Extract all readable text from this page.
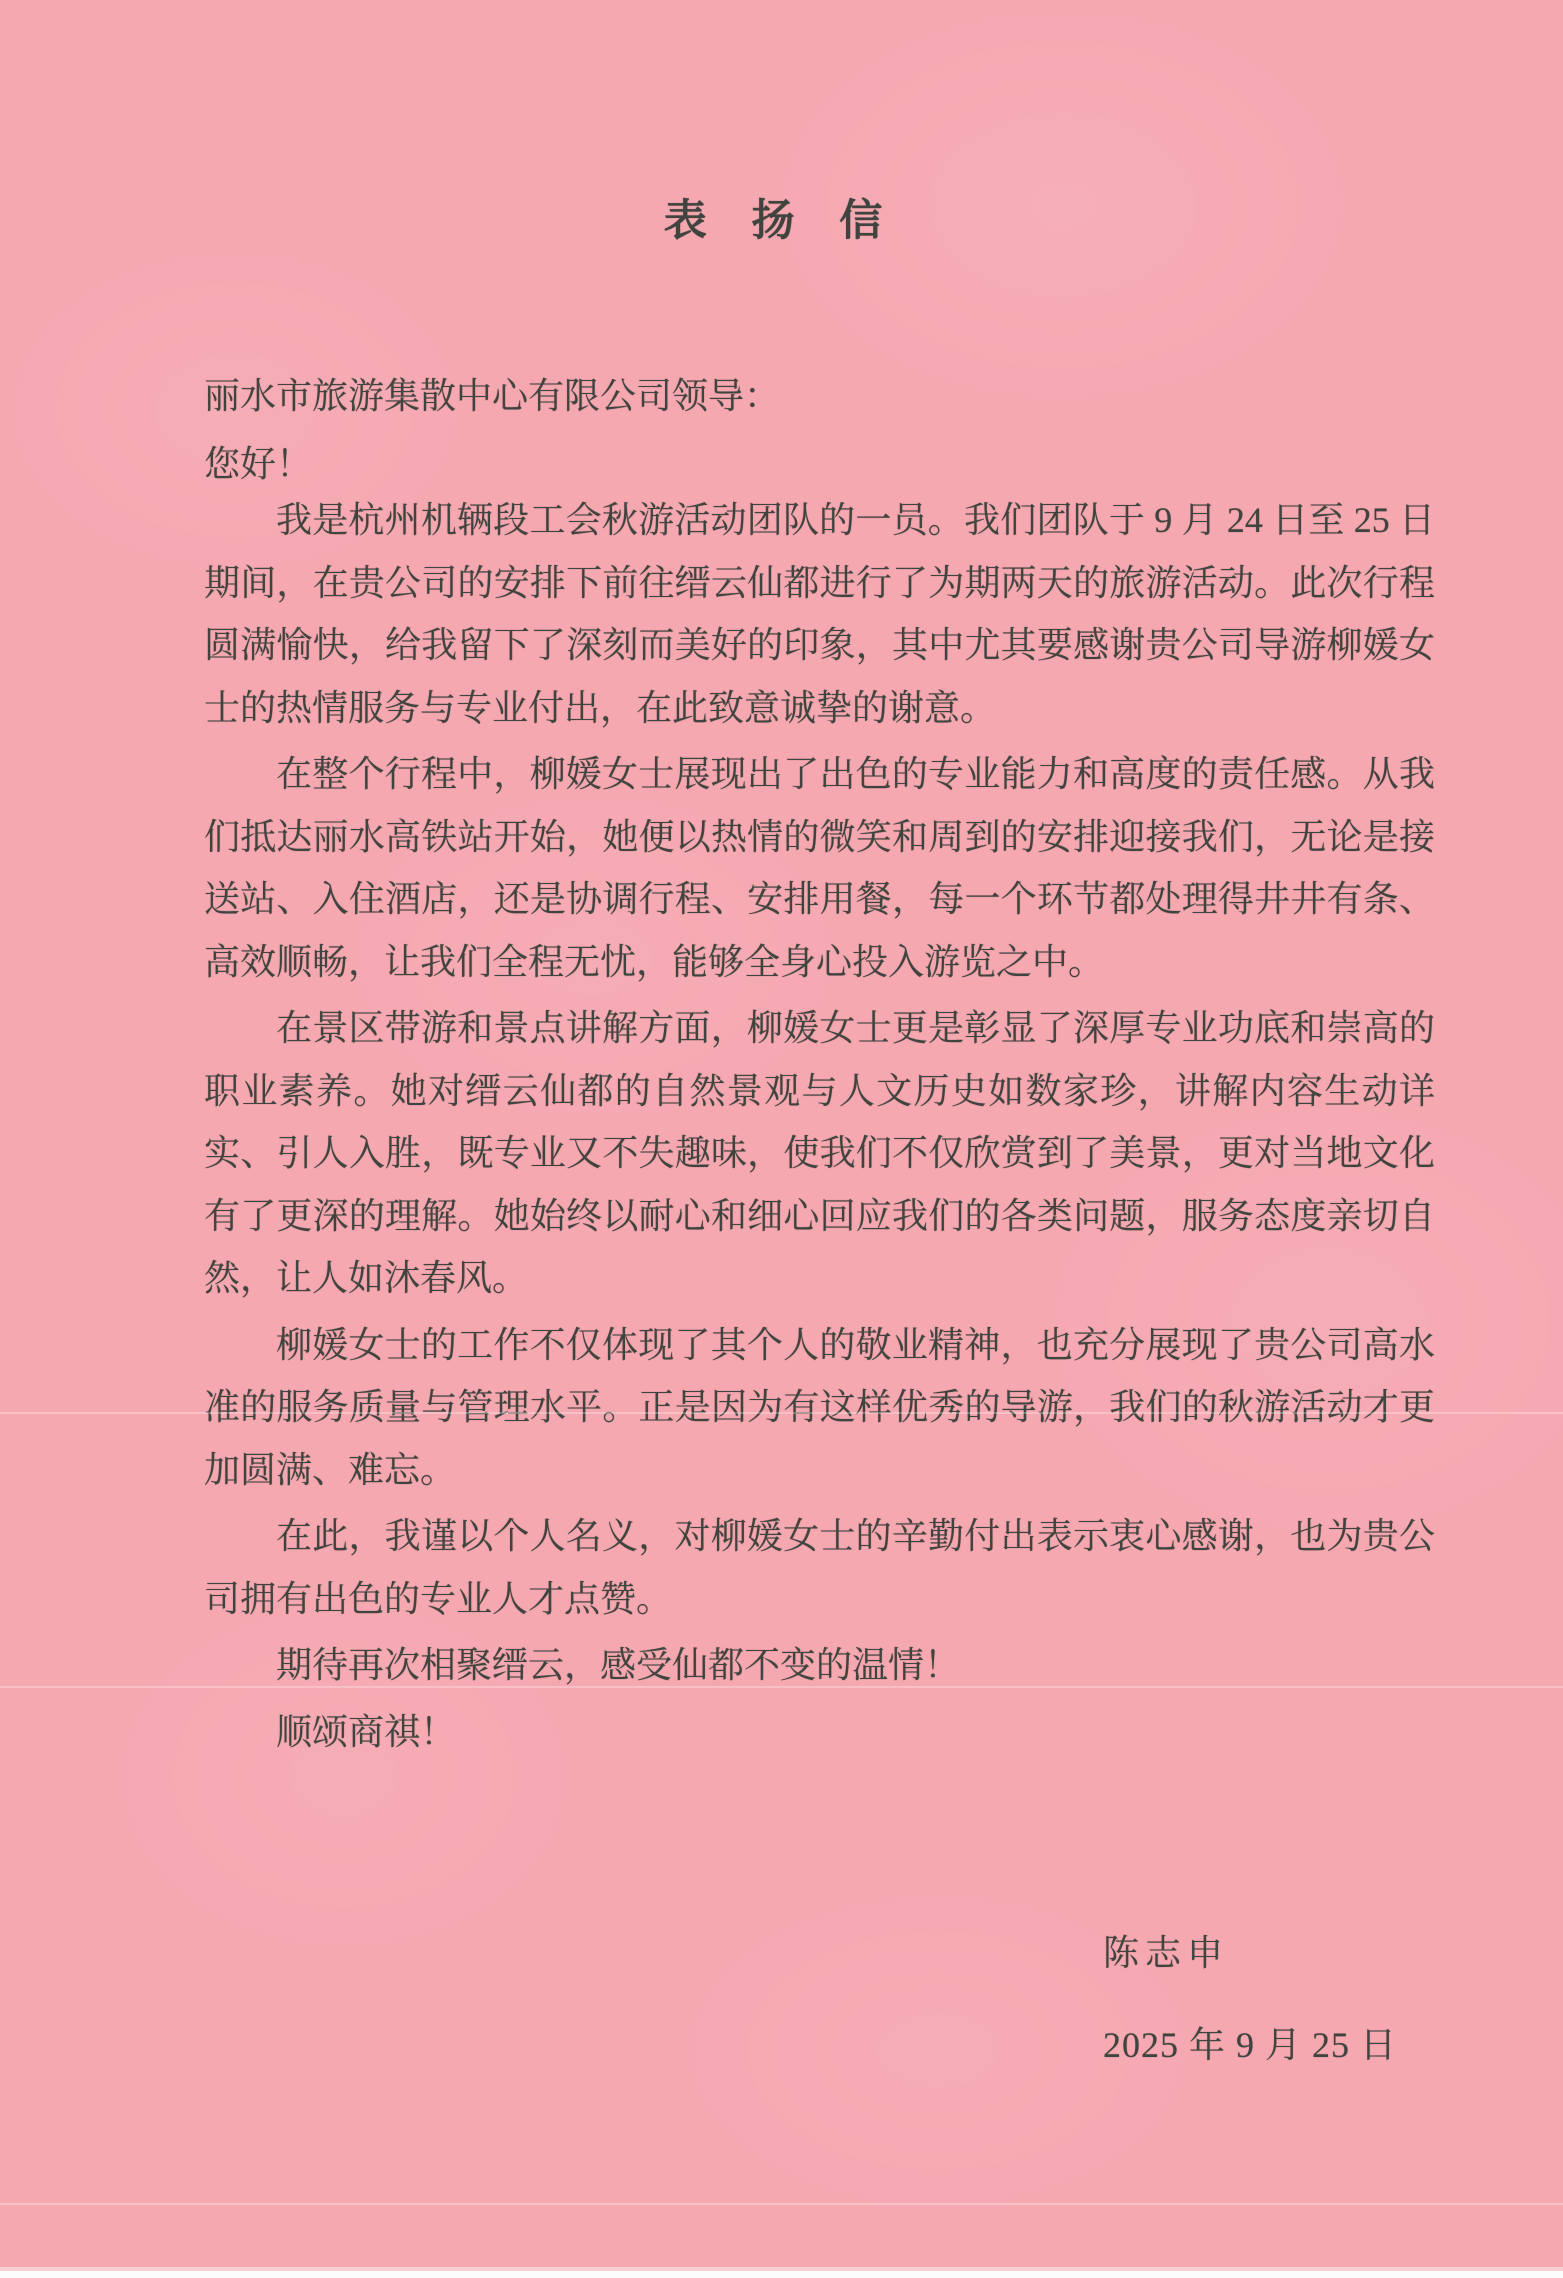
表 扬 信

丽水市旅游集散中心有限公司领导：

您好！

我是杭州机辆段工会秋游活动团队的一员。我们团队于 9 月 24 日至 25 日期间，在贵公司的安排下前往缙云仙都进行了为期两天的旅游活动。此次行程圆满愉快，给我留下了深刻而美好的印象，其中尤其要感谢贵公司导游柳媛女士的热情服务与专业付出，在此致意诚挚的谢意。

在整个行程中，柳媛女士展现出了出色的专业能力和高度的责任感。从我们抵达丽水高铁站开始，她便以热情的微笑和周到的安排迎接我们，无论是接送站、入住酒店，还是协调行程、安排用餐，每一个环节都处理得井井有条、高效顺畅，让我们全程无忧，能够全身心投入游览之中。

在景区带游和景点讲解方面，柳媛女士更是彰显了深厚专业功底和崇高的职业素养。她对缙云仙都的自然景观与人文历史如数家珍，讲解内容生动详实、引人入胜，既专业又不失趣味，使我们不仅欣赏到了美景，更对当地文化有了更深的理解。她始终以耐心和细心回应我们的各类问题，服务态度亲切自然，让人如沐春风。

柳媛女士的工作不仅体现了其个人的敬业精神，也充分展现了贵公司高水准的服务质量与管理水平。正是因为有这样优秀的导游，我们的秋游活动才更加圆满、难忘。

在此，我谨以个人名义，对柳媛女士的辛勤付出表示衷心感谢，也为贵公司拥有出色的专业人才点赞。

期待再次相聚缙云，感受仙都不变的温情！

顺颂商祺！

陈志申

2025 年 9 月 25 日
